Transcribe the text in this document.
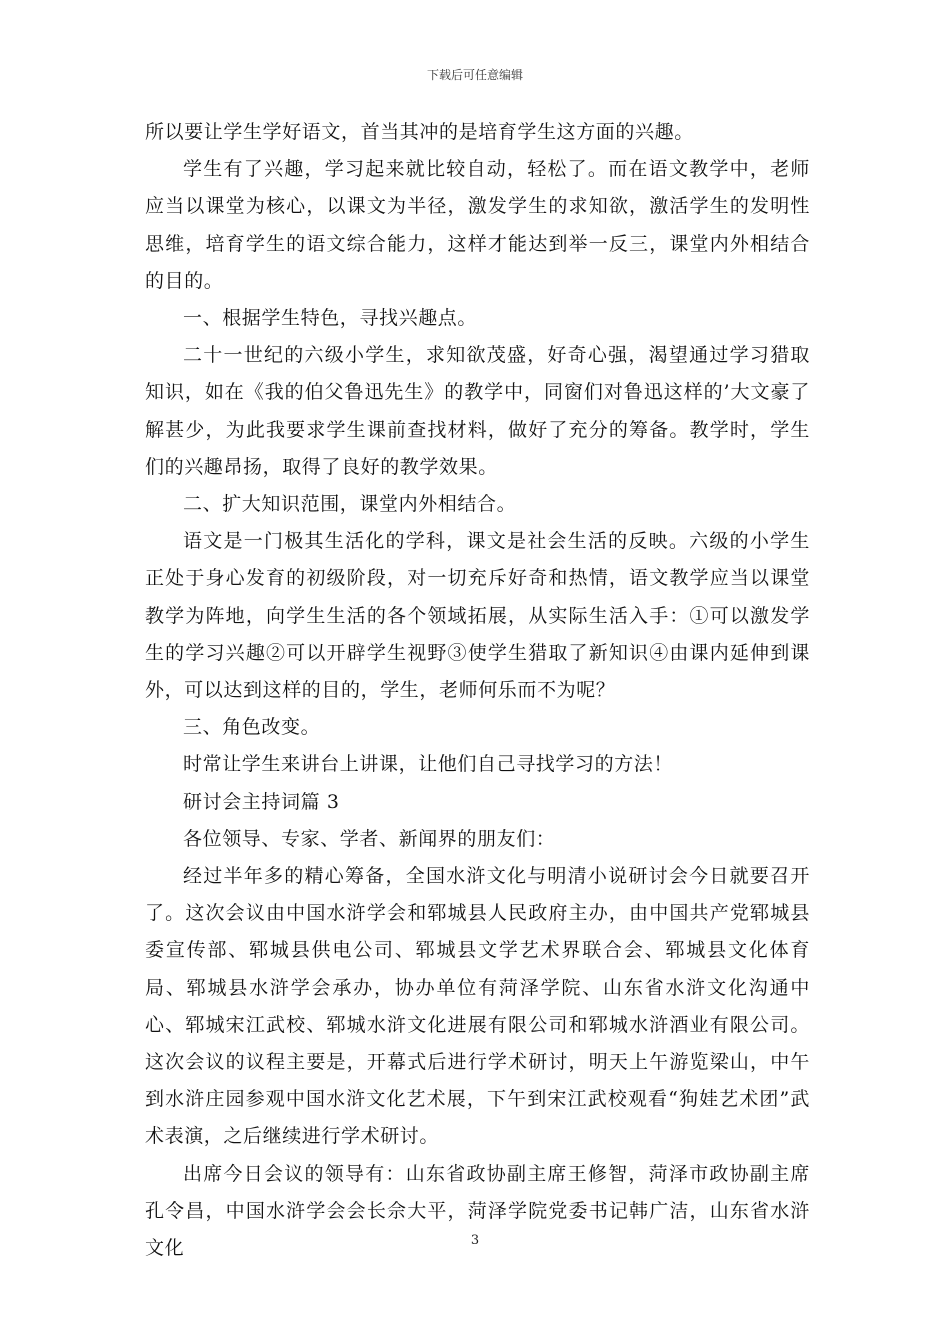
下载后可任意编辑

所以要让学生学好语文，首当其冲的是培育学生这方面的兴趣。

学生有了兴趣，学习起来就比较自动，轻松了。而在语文教学中，老师应当以课堂为核心，以课文为半径，激发学生的求知欲，激活学生的发明性思维，培育学生的语文综合能力，这样才能达到举一反三，课堂内外相结合的目的。

一、根据学生特色，寻找兴趣点。

二十一世纪的六级小学生，求知欲茂盛，好奇心强，渴望通过学习猎取知识，如在《我的伯父鲁迅先生》的教学中，同窗们对鲁迅这样的’大文豪了解甚少，为此我要求学生课前查找材料，做好了充分的筹备。教学时，学生们的兴趣昂扬，取得了良好的教学效果。

二、扩大知识范围，课堂内外相结合。

语文是一门极其生活化的学科，课文是社会生活的反映。六级的小学生正处于身心发育的初级阶段，对一切充斥好奇和热情，语文教学应当以课堂教学为阵地，向学生生活的各个领域拓展，从实际生活入手：①可以激发学生的学习兴趣②可以开辟学生视野③使学生猎取了新知识④由课内延伸到课外，可以达到这样的目的，学生，老师何乐而不为呢？

三、角色改变。

时常让学生来讲台上讲课，让他们自己寻找学习的方法！

研讨会主持词篇 3

各位领导、专家、学者、新闻界的朋友们：

经过半年多的精心筹备，全国水浒文化与明清小说研讨会今日就要召开了。这次会议由中国水浒学会和郓城县人民政府主办，由中国共产党郓城县委宣传部、郓城县供电公司、郓城县文学艺术界联合会、郓城县文化体育局、郓城县水浒学会承办，协办单位有菏泽学院、山东省水浒文化沟通中心、郓城宋江武校、郓城水浒文化进展有限公司和郓城水浒酒业有限公司。这次会议的议程主要是，开幕式后进行学术研讨，明天上午游览梁山，中午到水浒庄园参观中国水浒文化艺术展，下午到宋江武校观看“狗娃艺术团”武术表演，之后继续进行学术研讨。

出席今日会议的领导有：山东省政协副主席王修智，菏泽市政协副主席孔令昌，中国水浒学会会长佘大平，菏泽学院党委书记韩广洁，山东省水浒文化	3
